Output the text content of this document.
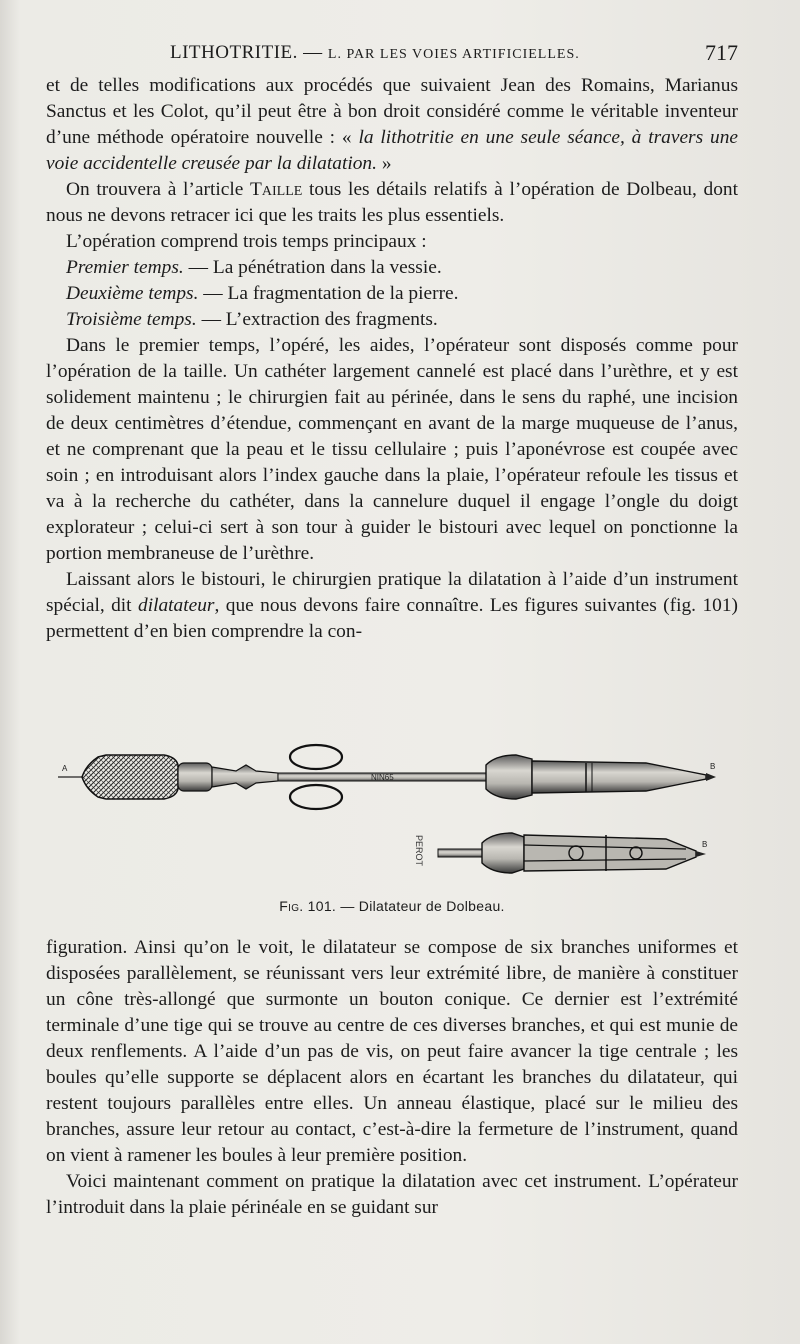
LITHOTRITIE. — L. PAR LES VOIES ARTIFICIELLES.	717

et de telles modifications aux procédés que suivaient Jean des Romains, Marianus Sanctus et les Colot, qu’il peut être à bon droit considéré comme le véritable inventeur d’une méthode opératoire nouvelle : « la lithotritie en une seule séance, à travers une voie accidentelle creusée par la dilatation. »

On trouvera à l’article Taille tous les détails relatifs à l’opération de Dolbeau, dont nous ne devons retracer ici que les traits les plus essentiels.

L’opération comprend trois temps principaux :

Premier temps. — La pénétration dans la vessie.

Deuxième temps. — La fragmentation de la pierre.

Troisième temps. — L’extraction des fragments.

Dans le premier temps, l’opéré, les aides, l’opérateur sont disposés comme pour l’opération de la taille. Un cathéter largement cannelé est placé dans l’urèthre, et y est solidement maintenu ; le chirurgien fait au périnée, dans le sens du raphé, une incision de deux centimètres d’étendue, commençant en avant de la marge muqueuse de l’anus, et ne comprenant que la peau et le tissu cellulaire ; puis l’aponévrose est coupée avec soin ; en introduisant alors l’index gauche dans la plaie, l’opérateur refoule les tissus et va à la recherche du cathéter, dans la cannelure duquel il engage l’ongle du doigt explorateur ; celui-ci sert à son tour à guider le bistouri avec lequel on ponctionne la portion membraneuse de l’urèthre.

Laissant alors le bistouri, le chirurgien pratique la dilatation à l’aide d’un instrument spécial, dit dilatateur, que nous devons faire connaître. Les figures suivantes (fig. 101) permettent d’en bien comprendre la con-

NIN65
A	B
PEROT	B
Fig. 101. — Dilatateur de Dolbeau.

figuration. Ainsi qu’on le voit, le dilatateur se compose de six branches uniformes et disposées parallèlement, se réunissant vers leur extrémité libre, de manière à constituer un cône très-allongé que surmonte un bouton conique. Ce dernier est l’extrémité terminale d’une tige qui se trouve au centre de ces diverses branches, et qui est munie de deux renflements. A l’aide d’un pas de vis, on peut faire avancer la tige centrale ; les boules qu’elle supporte se déplacent alors en écartant les branches du dilatateur, qui restent toujours parallèles entre elles. Un anneau élastique, placé sur le milieu des branches, assure leur retour au contact, c’est-à-dire la fermeture de l’instrument, quand on vient à ramener les boules à leur première position.

Voici maintenant comment on pratique la dilatation avec cet instrument. L’opérateur l’introduit dans la plaie périnéale en se guidant sur
